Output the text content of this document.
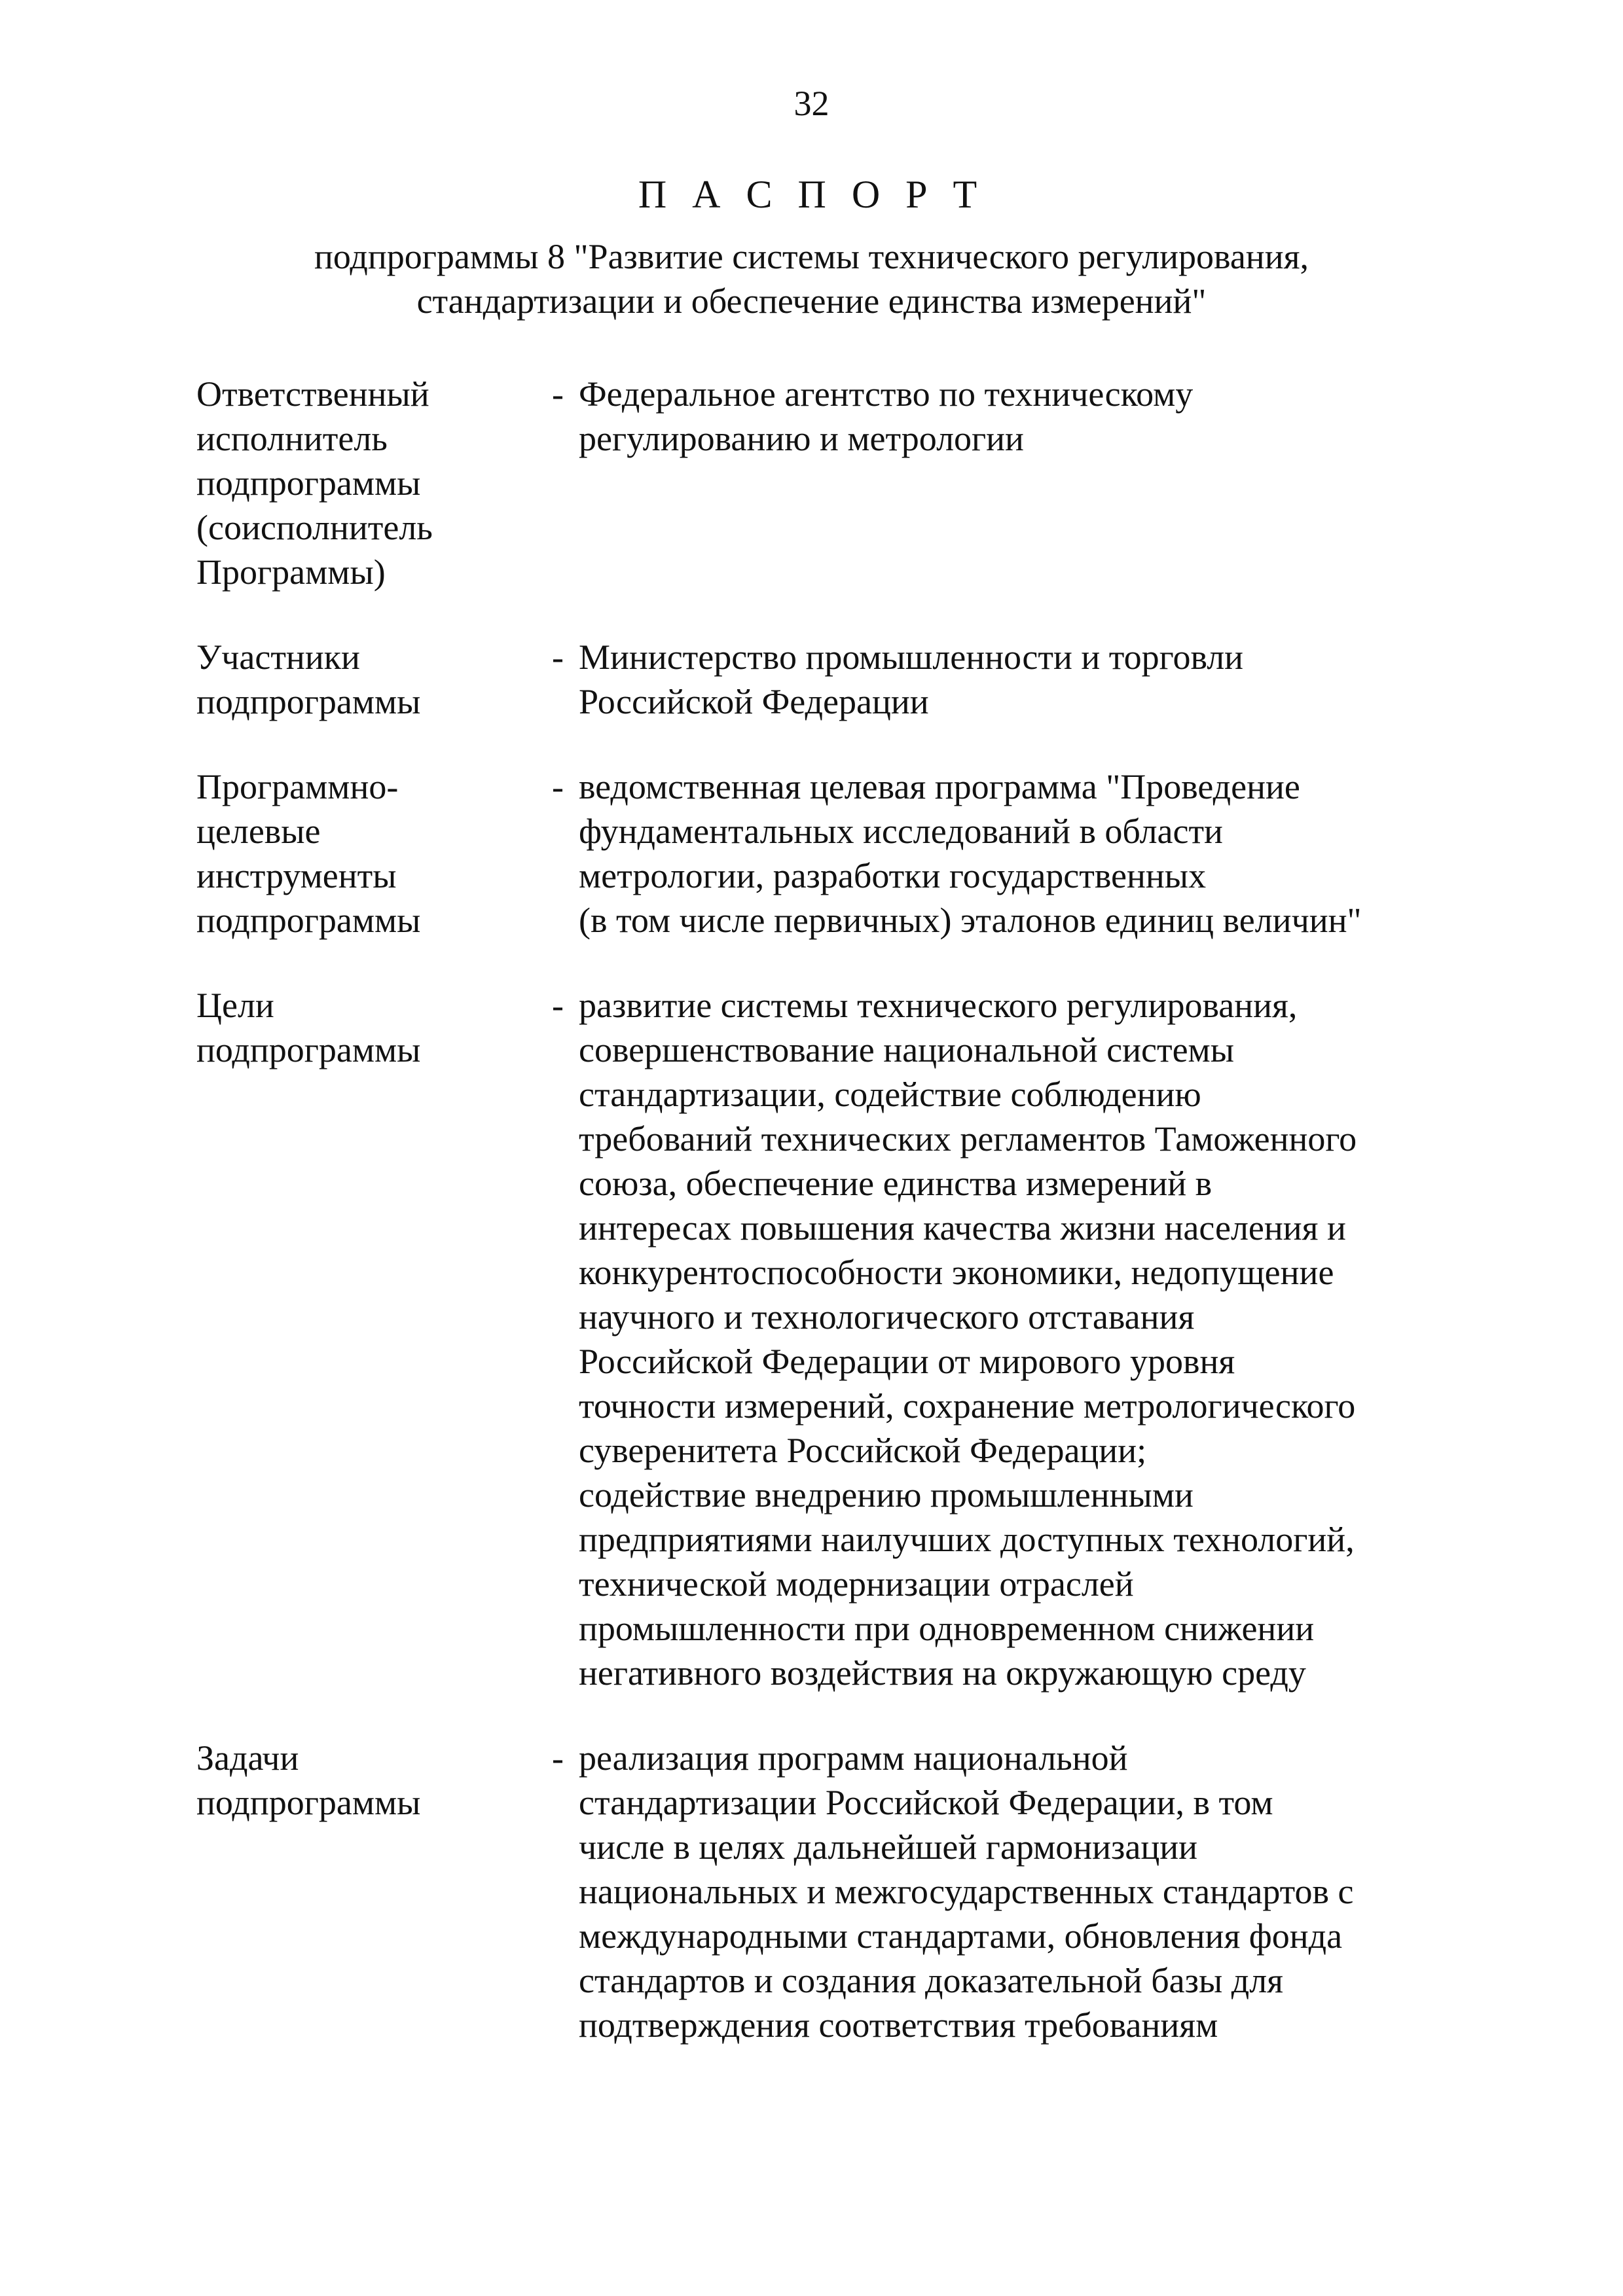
32
П А С П О Р Т
подпрограммы 8 "Развитие системы технического регулирования,
стандартизации и обеспечение единства измерений"
Ответственный
исполнитель
подпрограммы
(соисполнитель
Программы)
- Федеральное агентство по техническому
регулированию и метрологии
Участники
подпрограммы
- Министерство промышленности и торговли
Российской Федерации
Программно-
целевые
инструменты
подпрограммы
- ведомственная целевая программа "Проведение
фундаментальных исследований в области
метрологии, разработки государственных
(в том числе первичных) эталонов единиц величин"
Цели
подпрограммы
- развитие системы технического регулирования,
совершенствование национальной системы
стандартизации, содействие соблюдению
требований технических регламентов Таможенного
союза, обеспечение единства измерений в
интересах повышения качества жизни населения и
конкурентоспособности экономики, недопущение
научного и технологического отставания
Российской Федерации от мирового уровня
точности измерений, сохранение метрологического
суверенитета Российской Федерации;
содействие внедрению промышленными
предприятиями наилучших доступных технологий,
технической модернизации отраслей
промышленности при одновременном снижении
негативного воздействия на окружающую среду
Задачи
подпрограммы
- реализация программ национальной
стандартизации Российской Федерации, в том
числе в целях дальнейшей гармонизации
национальных и межгосударственных стандартов с
международными стандартами, обновления фонда
стандартов и создания доказательной базы для
подтверждения соответствия требованиям
